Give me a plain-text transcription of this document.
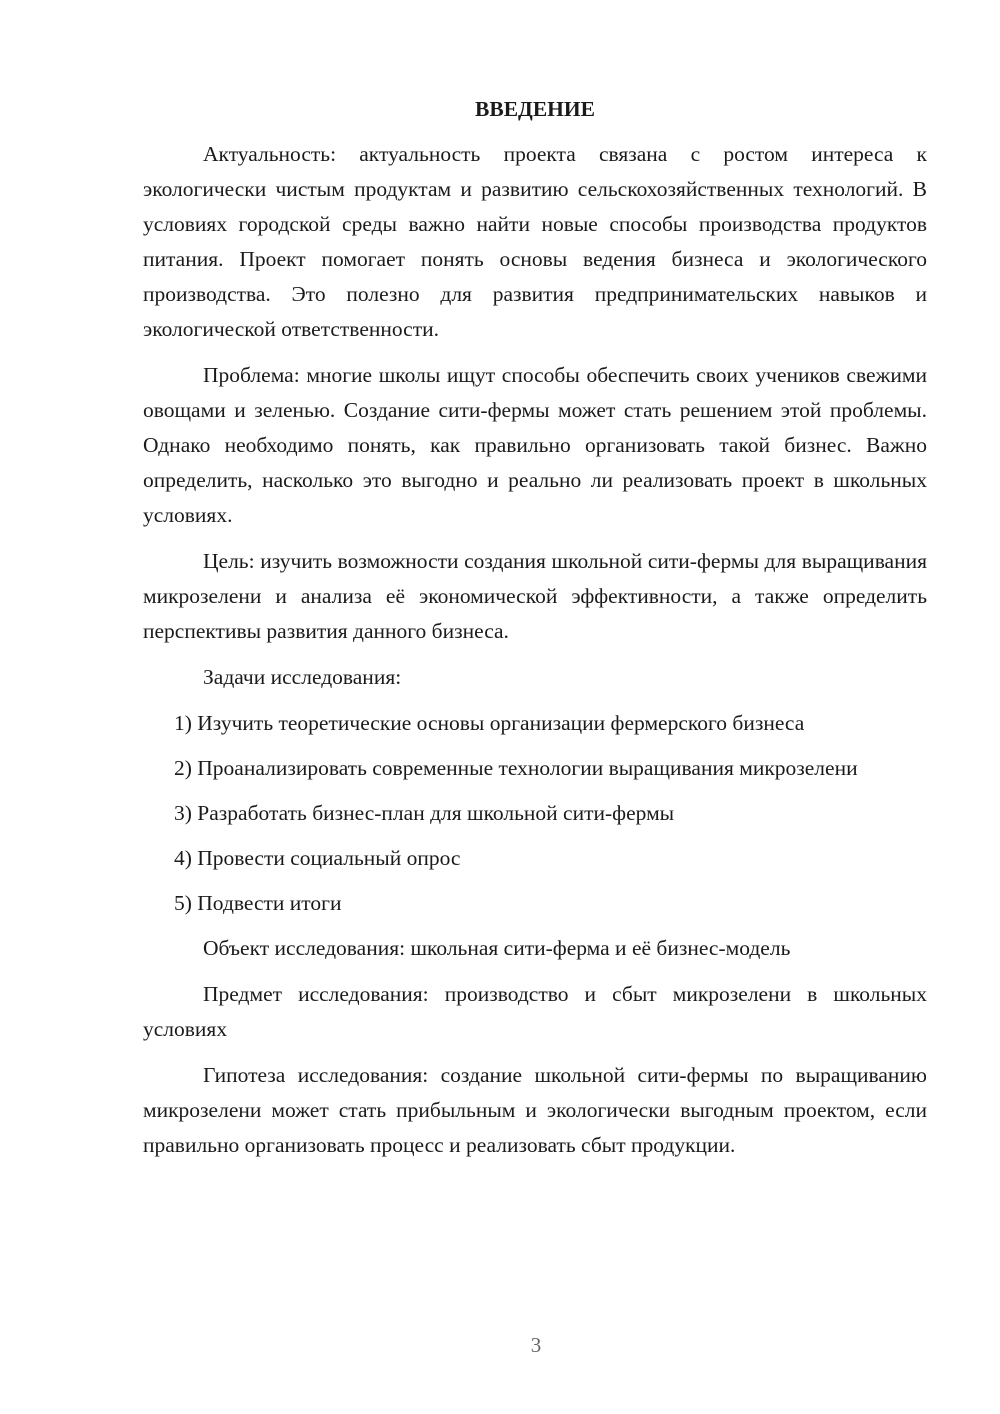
ВВЕДЕНИЕ

Актуальность: актуальность проекта связана с ростом интереса к экологически чистым продуктам и развитию сельскохозяйственных технологий. В условиях городской среды важно найти новые способы производства продуктов питания. Проект помогает понять основы ведения бизнеса и экологического производства. Это полезно для развития предпринимательских навыков и экологической ответственности.

Проблема: многие школы ищут способы обеспечить своих учеников свежими овощами и зеленью. Создание сити-фермы может стать решением этой проблемы. Однако необходимо понять, как правильно организовать такой бизнес. Важно определить, насколько это выгодно и реально ли реализовать проект в школьных условиях.

Цель: изучить возможности создания школьной сити-фермы для выращивания микрозелени и анализа её экономической эффективности, а также определить перспективы развития данного бизнеса.

Задачи исследования:

1) Изучить теоретические основы организации фермерского бизнеса

2) Проанализировать современные технологии выращивания микрозелени

3) Разработать бизнес-план для школьной сити-фермы

4) Провести социальный опрос

5) Подвести итоги

Объект исследования: школьная сити-ферма и её бизнес-модель

Предмет исследования: производство и сбыт микрозелени в школьных условиях

Гипотеза исследования: создание школьной сити-фермы по выращиванию микрозелени может стать прибыльным и экологически выгодным проектом, если правильно организовать процесс и реализовать сбыт продукции.

3
